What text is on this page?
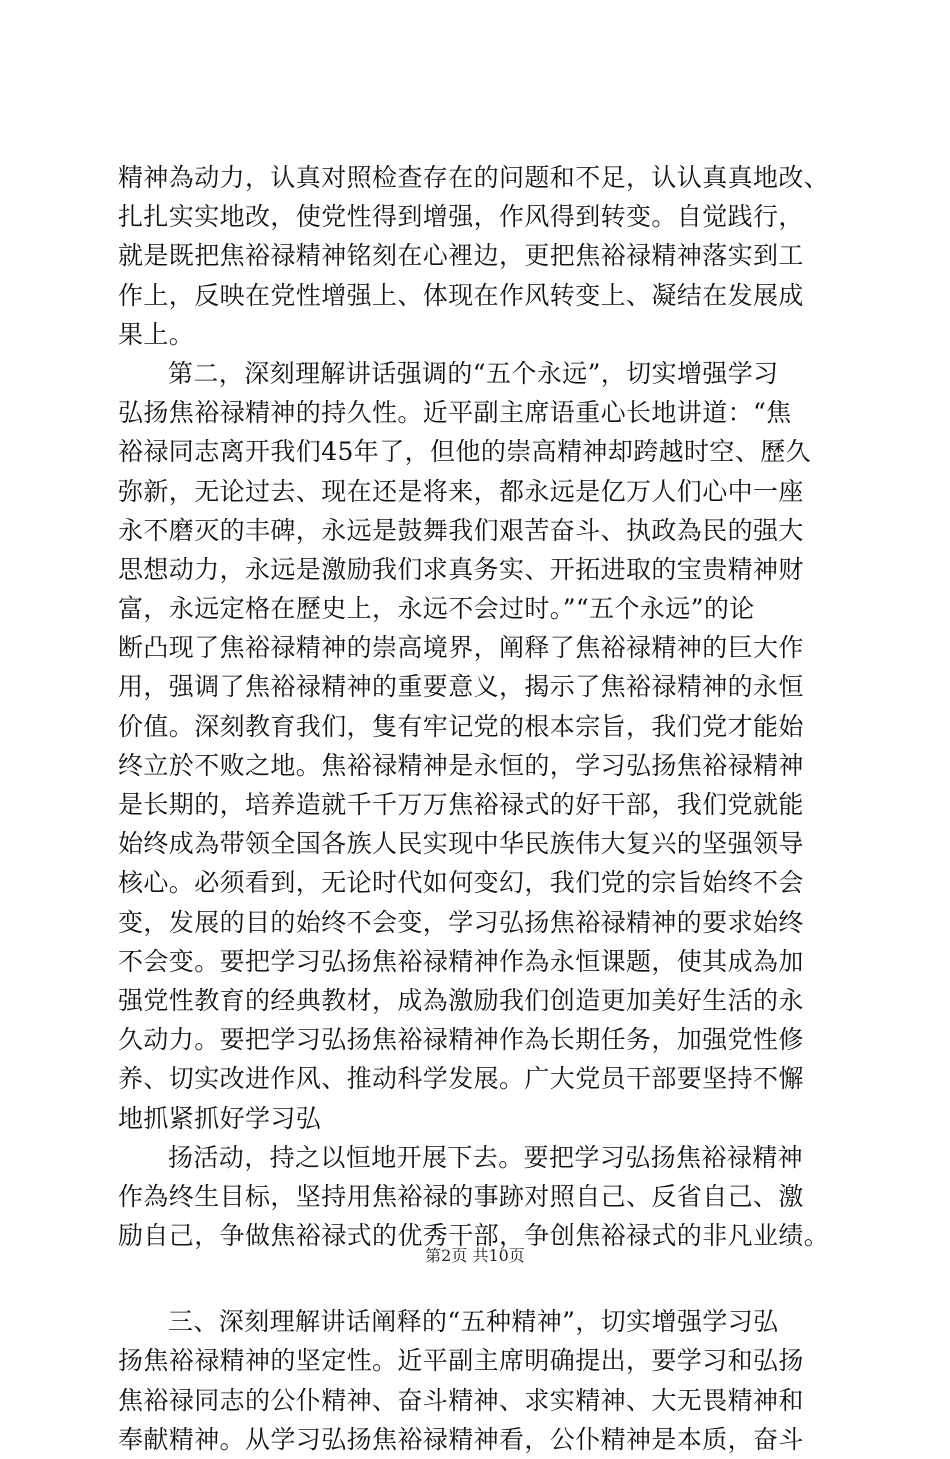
精神為动力，认真对照检查存在的问题和不足，认认真真地改、
扎扎实实地改，使党性得到增强，作风得到转变。自觉践行，
就是既把焦裕禄精神铭刻在心裡边，更把焦裕禄精神落实到工
作上，反映在党性增强上、体现在作风转变上、凝结在发展成
果上。
第二，深刻理解讲话强调的“五个永远”，切实增强学习
弘扬焦裕禄精神的持久性。近平副主席语重心长地讲道：“焦
裕禄同志离开我们45年了，但他的崇高精神却跨越时空、歷久
弥新，无论过去、现在还是将来，都永远是亿万人们心中一座
永不磨灭的丰碑，永远是鼓舞我们艰苦奋斗、执政為民的强大
思想动力，永远是激励我们求真务实、开拓进取的宝贵精神财
富，永远定格在歷史上，永远不会过时。”“五个永远”的论
断凸现了焦裕禄精神的崇高境界，阐释了焦裕禄精神的巨大作
用，强调了焦裕禄精神的重要意义，揭示了焦裕禄精神的永恒
价值。深刻教育我们，隻有牢记党的根本宗旨，我们党才能始
终立於不败之地。焦裕禄精神是永恒的，学习弘扬焦裕禄精神
是长期的，培养造就千千万万焦裕禄式的好干部，我们党就能
始终成為带领全国各族人民实现中华民族伟大复兴的坚强领导
核心。必须看到，无论时代如何变幻，我们党的宗旨始终不会
变，发展的目的始终不会变，学习弘扬焦裕禄精神的要求始终
不会变。要把学习弘扬焦裕禄精神作為永恒课题，使其成為加
强党性教育的经典教材，成為激励我们创造更加美好生活的永
久动力。要把学习弘扬焦裕禄精神作為长期任务，加强党性修
养、切实改进作风、推动科学发展。广大党员干部要坚持不懈
地抓紧抓好学习弘
扬活动，持之以恒地开展下去。要把学习弘扬焦裕禄精神
作為终生目标，坚持用焦裕禄的事跡对照自己、反省自己、激
励自己，争做焦裕禄式的优秀干部，争创焦裕禄式的非凡业绩。
三、深刻理解讲话阐释的“五种精神”，切实增强学习弘
扬焦裕禄精神的坚定性。近平副主席明确提出，要学习和弘扬
焦裕禄同志的公仆精神、奋斗精神、求实精神、大无畏精神和
奉献精神。从学习弘扬焦裕禄精神看，公仆精神是本质，奋斗
第2页 共10页
